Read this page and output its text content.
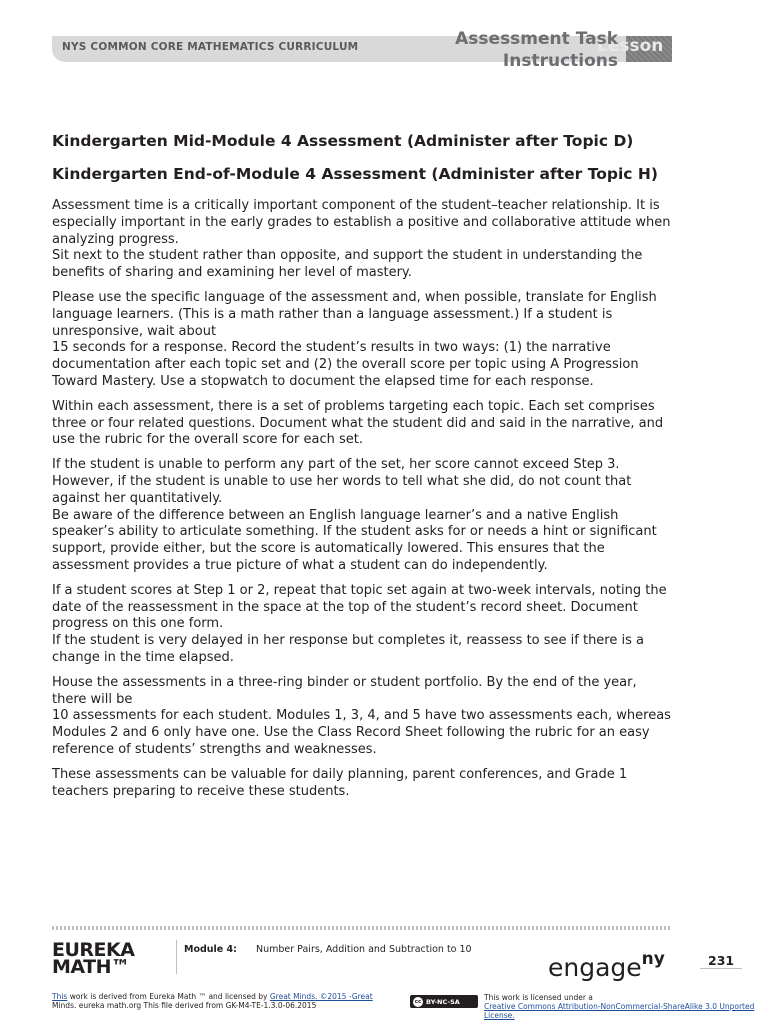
NYS COMMON CORE MATHEMATICS CURRICULUM	Lesson
Assessment Task
Instructions
Kindergarten Mid-Module 4 Assessment (Administer after Topic D)
Kindergarten End-of-Module 4 Assessment (Administer after Topic H)

Assessment time is a critically important component of the student–teacher relationship. It is especially important in the early grades to establish a positive and collaborative attitude when analyzing progress.
Sit next to the student rather than opposite, and support the student in understanding the benefits of sharing and examining her level of mastery.

Please use the specific language of the assessment and, when possible, translate for English language learners. (This is a math rather than a language assessment.) If a student is unresponsive, wait about
15 seconds for a response. Record the student’s results in two ways: (1) the narrative documentation after each topic set and (2) the overall score per topic using A Progression Toward Mastery. Use a stopwatch to document the elapsed time for each response.

Within each assessment, there is a set of problems targeting each topic. Each set comprises three or four related questions. Document what the student did and said in the narrative, and use the rubric for the overall score for each set.

If the student is unable to perform any part of the set, her score cannot exceed Step 3. However, if the student is unable to use her words to tell what she did, do not count that against her quantitatively.
Be aware of the difference between an English language learner’s and a native English speaker’s ability to articulate something. If the student asks for or needs a hint or significant support, provide either, but the score is automatically lowered. This ensures that the assessment provides a true picture of what a student can do independently.

If a student scores at Step 1 or 2, repeat that topic set again at two-week intervals, noting the date of the reassessment in the space at the top of the student’s record sheet. Document progress on this one form.
If the student is very delayed in her response but completes it, reassess to see if there is a change in the time elapsed.

House the assessments in a three-ring binder or student portfolio. By the end of the year, there will be
10 assessments for each student. Modules 1, 3, 4, and 5 have two assessments each, whereas Modules 2 and 6 only have one. Use the Class Record Sheet following the rubric for an easy reference of students’ strengths and weaknesses.

These assessments can be valuable for daily planning, parent conferences, and Grade 1 teachers preparing to receive these students.

EUREKA
MATH™
Module 4: Number Pairs, Addition and Subtraction to 10
engage$^{ny}$	231
This work is derived from Eureka Math ™ and licensed by Great Minds. ©2015 -Great
Minds. eureka math.org This file derived from GK-M4-TE-1.3.0-06.2015	cc BY-NC-SA	This work is licensed under a
Creative Commons Attribution-NonCommercial-ShareAlike 3.0 Unported License.
